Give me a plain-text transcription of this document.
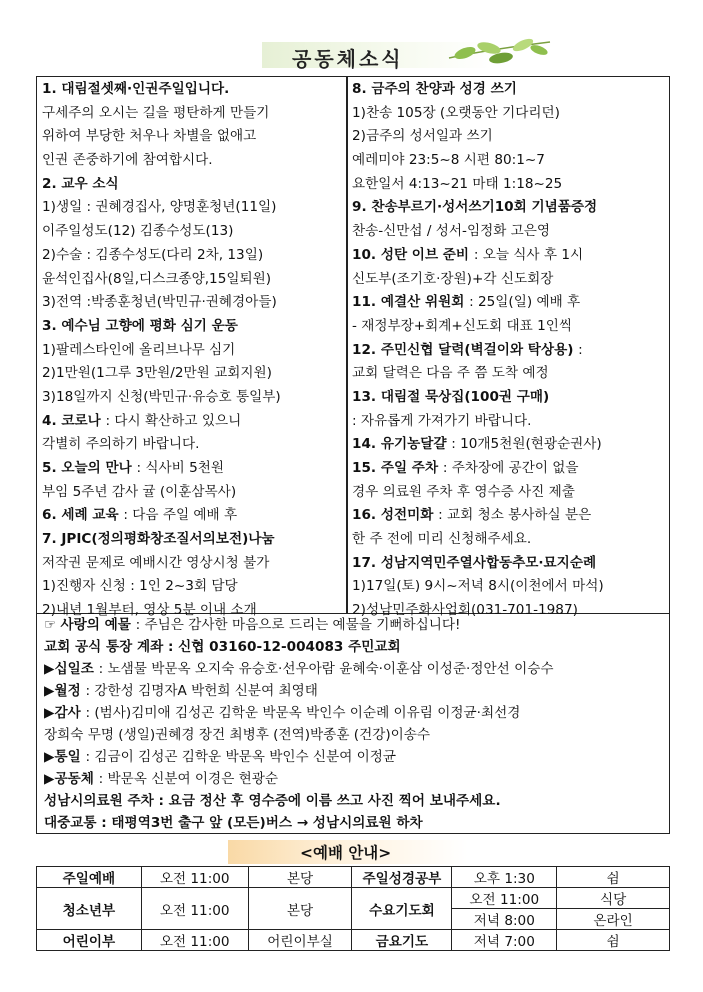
공동체소식

1. 대림절셋째·인권주일입니다.

구세주의 오시는 길을 평탄하게 만들기

위하여 부당한 처우나 차별을 없애고

인권 존중하기에 참여합시다.

2. 교우 소식

1)생일 : 권혜경집사, 양명훈청년(11일)

이주일성도(12) 김종수성도(13)

2)수술 : 김종수성도(다리 2차, 13일)

윤석인집사(8일,디스크종양,15일퇴원)

3)전역 :박종훈청년(박민규·권혜경아들)

3. 예수님 고향에 평화 심기 운동

1)팔레스타인에 올리브나무 심기

2)1만원(1그루 3만원/2만원 교회지원)

3)18일까지 신청(박민규·유승호 통일부)

4. 코로나 : 다시 확산하고 있으니

각별히 주의하기 바랍니다.

5. 오늘의 만나 : 식사비 5천원

부임 5주년 감사 귤 (이훈삼목사)

6. 세례 교육 : 다음 주일 예배 후

7. JPIC(정의평화창조질서의보전)나눔

저작권 문제로 예배시간 영상시청 불가

1)진행자 신청 : 1인 2~3회 담당

2)내년 1월부터, 영상 5분 이내 소개

8. 금주의 찬양과 성경 쓰기

1)찬송 105장 (오랫동안 기다리던)

2)금주의 성서일과 쓰기

예레미야 23:5~8 시편 80:1~7

요한일서 4:13~21 마태 1:18~25

9. 찬송부르기·성서쓰기10회 기념품증정

찬송-신만섭 / 성서-임정화 고은영

10. 성탄 이브 준비 : 오늘 식사 후 1시

신도부(조기호·장원)+각 신도회장

11. 예결산 위원회 : 25일(일) 예배 후

- 재정부장+회계+신도회 대표 1인씩

12. 주민신협 달력(벽걸이와 탁상용) :

교회 달력은 다음 주 쯤 도착 예정

13. 대림절 묵상집(100권 구매)

: 자유롭게 가져가기 바랍니다.

14. 유기농달걀 : 10개5천원(현광순권사)

15. 주일 주차 : 주차장에 공간이 없을

경우 의료원 주차 후 영수증 사진 제출

16. 성전미화 : 교회 청소 봉사하실 분은

한 주 전에 미리 신청해주세요.

17. 성남지역민주열사합동추모·묘지순례

1)17일(토) 9시~저녁 8시(이천에서 마석)

2)성남민주화사업회(031-701-1987)

☞ 사랑의 예물 : 주님은 감사한 마음으로 드리는 예물을 기뻐하십니다!

교회 공식 통장 계좌 : 신협 03160-12-004083 주민교회

▶십일조 : 노샘물 박문옥 오지숙 유승호·선우아람 윤혜숙·이훈삼 이성준·정안선 이승수

▶월정 : 강한성 김명자A 박헌희 신분여 최영태

▶감사 : (범사)김미애 김성곤 김학운 박문옥 박인수 이순례 이유림 이정균·최선경

장희숙 무명 (생일)권혜경 장건 최병후 (전역)박종훈 (건강)이송수

▶통일 : 김금이 김성곤 김학운 박문옥 박인수 신분여 이정균

▶공동체 : 박문옥 신분여 이경은 현광순

성남시의료원 주차 : 요금 정산 후 영수증에 이름 쓰고 사진 찍어 보내주세요.

대중교통 : 태평역3번 출구 앞 (모든)버스 → 성남시의료원 하차

<예배 안내>
주일예배	오전 11:00	본당	주일성경공부	오후 1:30	쉼
청소년부	오전 11:00	본당	수요기도회	오전 11:00	식당
				저녁 8:00	온라인
어린이부	오전 11:00	어린이부실	금요기도	저녁 7:00	쉼
